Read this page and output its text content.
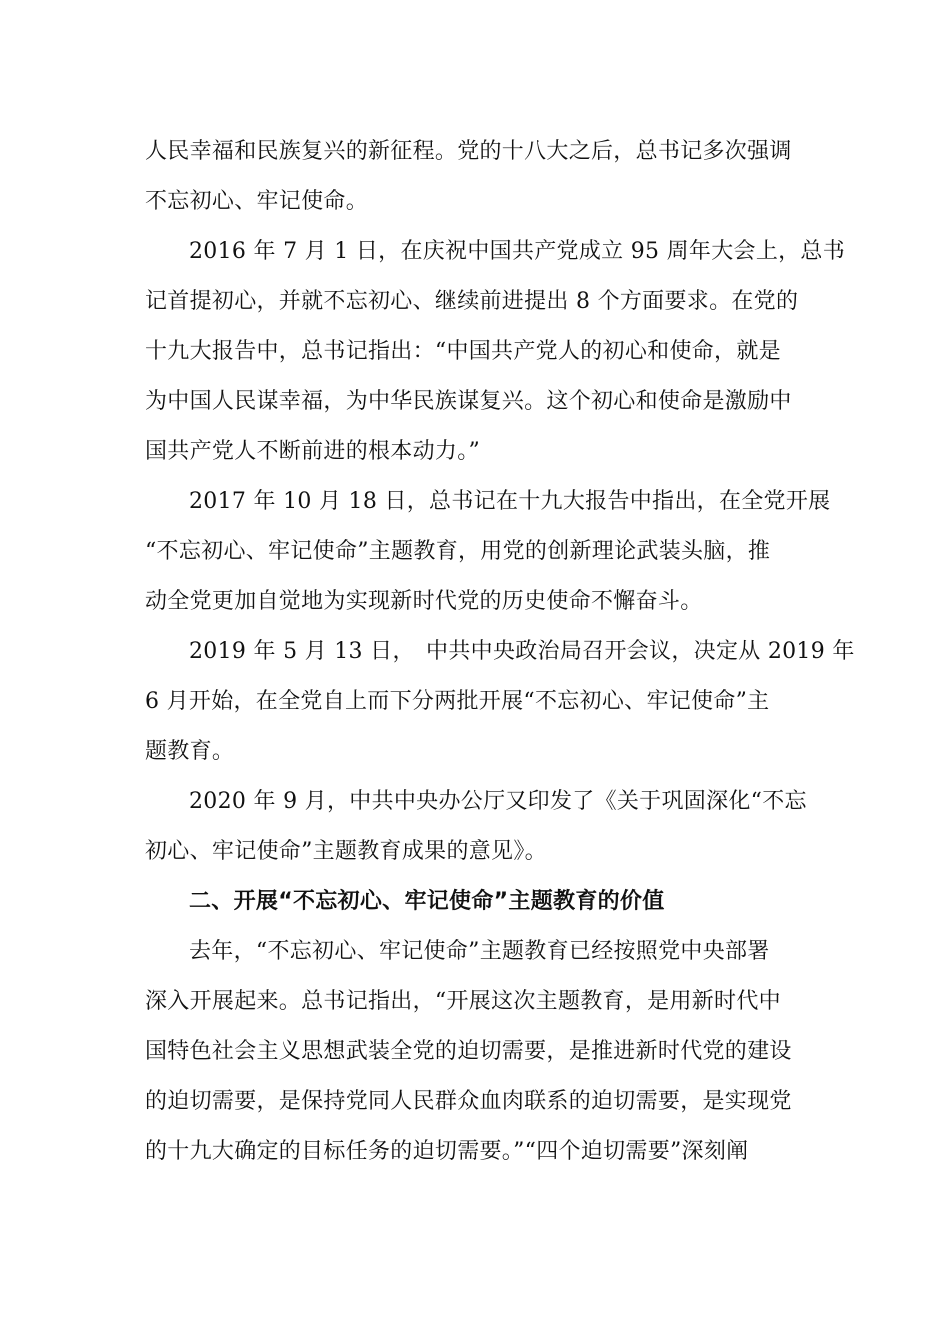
人民幸福和民族复兴的新征程。党的十八大之后，总书记多次强调
不忘初心、牢记使命。
2016 年 7 月 1 日，在庆祝中国共产党成立 95 周年大会上，总书
记首提初心，并就不忘初心、继续前进提出 8 个方面要求。在党的
十九大报告中，总书记指出：“中国共产党人的初心和使命，就是
为中国人民谋幸福，为中华民族谋复兴。这个初心和使命是激励中
国共产党人不断前进的根本动力。”
2017 年 10 月 18 日，总书记在十九大报告中指出，在全党开展
“不忘初心、牢记使命”主题教育，用党的创新理论武装头脑，推
动全党更加自觉地为实现新时代党的历史使命不懈奋斗。
2019 年 5 月 13 日，　中共中央政治局召开会议，决定从 2019 年
6 月开始，在全党自上而下分两批开展“不忘初心、牢记使命”主
题教育。
2020 年 9 月，中共中央办公厅又印发了《关于巩固深化“不忘
初心、牢记使命”主题教育成果的意见》。
二、开展“不忘初心、牢记使命”主题教育的价值
去年，“不忘初心、牢记使命”主题教育已经按照党中央部署
深入开展起来。总书记指出，“开展这次主题教育，是用新时代中
国特色社会主义思想武装全党的迫切需要，是推进新时代党的建设
的迫切需要，是保持党同人民群众血肉联系的迫切需要，是实现党
的十九大确定的目标任务的迫切需要。”“四个迫切需要”深刻阐
